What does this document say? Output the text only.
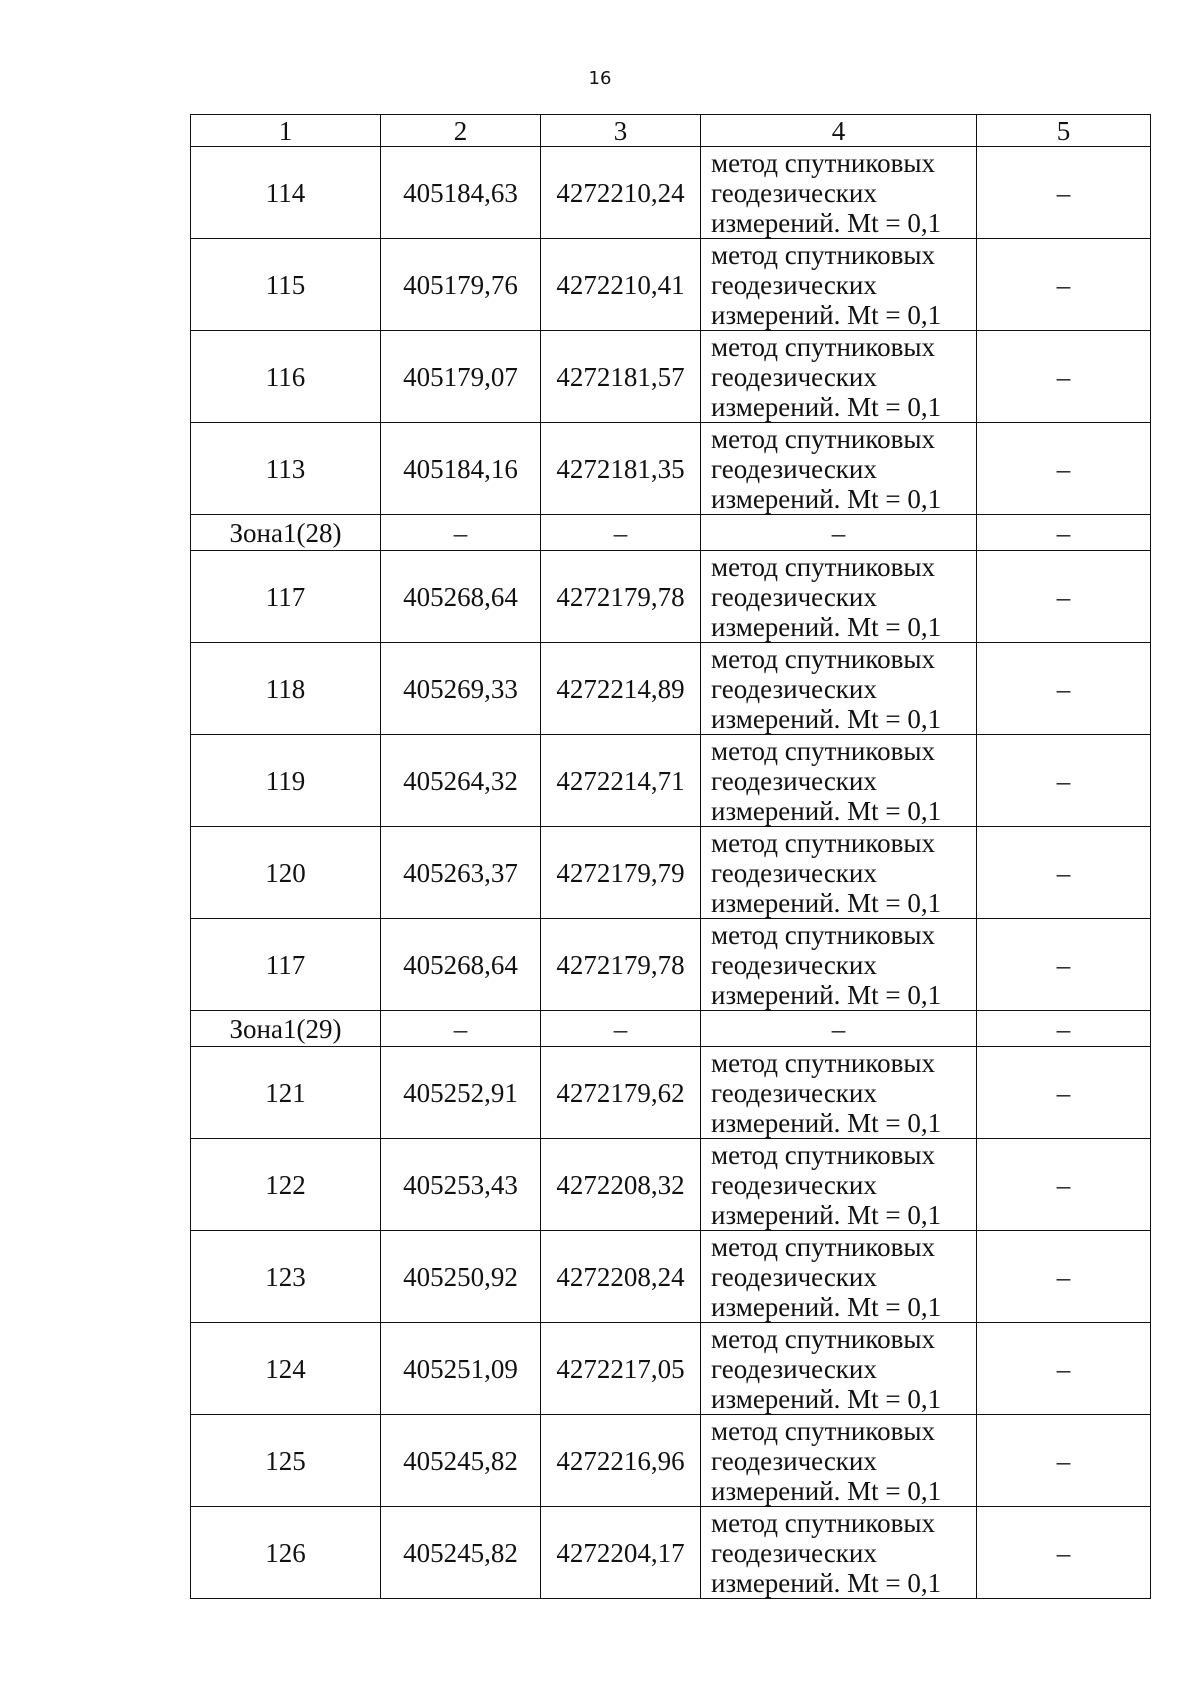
16
1	2	3	4	5
114	405184,63	4272210,24	метод спутниковых
геодезических
измерений. Mt = 0,1	–
115	405179,76	4272210,41	метод спутниковых
геодезических
измерений. Mt = 0,1	–
116	405179,07	4272181,57	метод спутниковых
геодезических
измерений. Mt = 0,1	–
113	405184,16	4272181,35	метод спутниковых
геодезических
измерений. Mt = 0,1	–
Зона1(28)	–	–	–	–
117	405268,64	4272179,78	метод спутниковых
геодезических
измерений. Mt = 0,1	–
118	405269,33	4272214,89	метод спутниковых
геодезических
измерений. Mt = 0,1	–
119	405264,32	4272214,71	метод спутниковых
геодезических
измерений. Mt = 0,1	–
120	405263,37	4272179,79	метод спутниковых
геодезических
измерений. Mt = 0,1	–
117	405268,64	4272179,78	метод спутниковых
геодезических
измерений. Mt = 0,1	–
Зона1(29)	–	–	–	–
121	405252,91	4272179,62	метод спутниковых
геодезических
измерений. Mt = 0,1	–
122	405253,43	4272208,32	метод спутниковых
геодезических
измерений. Mt = 0,1	–
123	405250,92	4272208,24	метод спутниковых
геодезических
измерений. Mt = 0,1	–
124	405251,09	4272217,05	метод спутниковых
геодезических
измерений. Mt = 0,1	–
125	405245,82	4272216,96	метод спутниковых
геодезических
измерений. Mt = 0,1	–
126	405245,82	4272204,17	метод спутниковых
геодезических
измерений. Mt = 0,1	–
